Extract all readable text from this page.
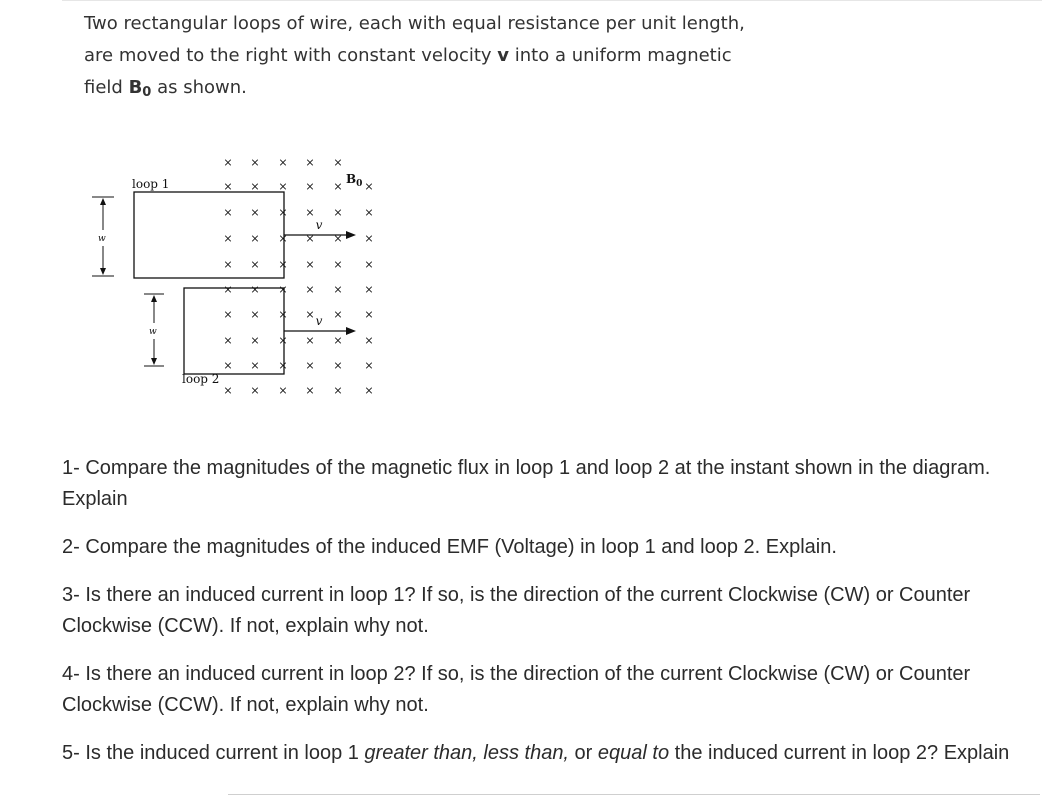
Two rectangular loops of wire, each with equal resistance per unit length,
are moved to the right with constant velocity v into a uniform magnetic
field $B_0$ as shown.
× × × × ×
× × × × × ×
× × × × × ×
× × × × × ×
× × × × × ×
× × × × × ×
× × × × × ×
× × × × × ×
× × × × × ×
× × × × × ×
loop 1
loop 2
w
w
v
v
$B_0$

1- Compare the magnitudes of the magnetic flux in loop 1 and loop 2 at the instant shown in the diagram. Explain

2- Compare the magnitudes of the induced EMF (Voltage) in loop 1 and loop 2. Explain.

3- Is there an induced current in loop 1? If so, is the direction of the current Clockwise (CW) or Counter Clockwise (CCW). If not, explain why not.

4- Is there an induced current in loop 2? If so, is the direction of the current Clockwise (CW) or Counter Clockwise (CCW). If not, explain why not.

5- Is the induced current in loop 1 greater than, less than, or equal to the induced current in loop 2? Explain
